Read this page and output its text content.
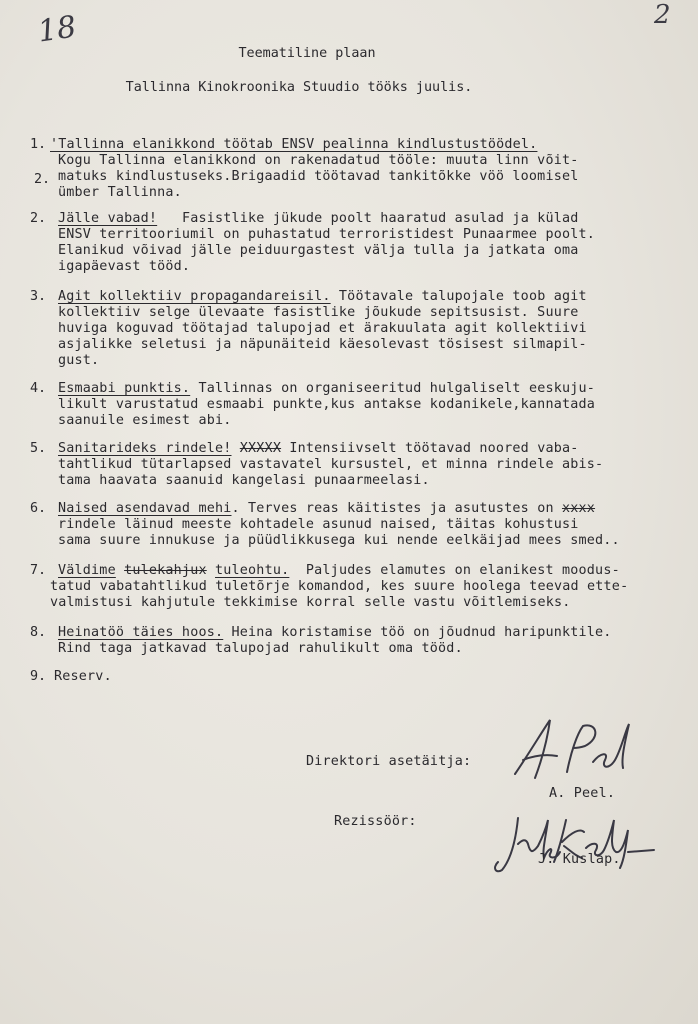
18	2
Teematiline plaan
Tallinna Kinokroonika Stuudio tööks juulis.
1. 'Tallinna elanikkond töötab ENSV pealinna kindlustustöödel.
Kogu Tallinna elanikkond on rakenadatud tööle: muuta linn võit-
matuks kindlustuseks.Brigaadid töötavad tankitõkke vöö loomisel
ümber Tallinna.
2.
2. Jälle vabad! Fasistlike jükude poolt haaratud asulad ja külad
ENSV territooriumil on puhastatud terroristidest Punaarmee poolt.
Elanikud võivad jälle peiduurgastest välja tulla ja jatkata oma
igapäevast tööd.
3. Agit kollektiiv propagandareisil. Töötavale talupojale toob agit
kollektiiv selge ülevaate fasistlike jõukude sepitsusist. Suure
huviga koguvad töötajad talupojad et ärakuulata agit kollektiivi
asjalikke seletusi ja näpunäiteid käesolevast tösisest silmapil-
gust.
4. Esmaabi punktis. Tallinnas on organiseeritud hulgaliselt eeskuju-
likult varustatud esmaabi punkte,kus antakse kodanikele,kannatada
saanuile esimest abi.
5. Sanitarideks rindele! XXXXX Intensiivselt töötavad noored vaba-
tahtlikud tütarlapsed vastavatel kursustel, et minna rindele abis-
tama haavata saanuid kangelasi punaarmeelasi.
6. Naised asendavad mehi. Terves reas käitistes ja asutustes on xxxx
rindele läinud meeste kohtadele asunud naised, täitas kohustusi
sama suure innukuse ja püüdlikkusega kui nende eelkäijad mees smed..
7. Väldime tulekahjux tuleohtu. Paljudes elamutes on elanikest moodus-
tatud vabatahtlikud tuletõrje komandod, kes suure hoolega teevad ette-
valmistusi kahjutule tekkimise korral selle vastu võitlemiseks.
8. Heinatöö täies hoos. Heina koristamise töö on jõudnud haripunktile.
Rind taga jatkavad talupojad rahulikult oma tööd.
9. Reserv.
Direktori asetäitja:
A. Peel.
Rezissöör:
J. Kuslap.
